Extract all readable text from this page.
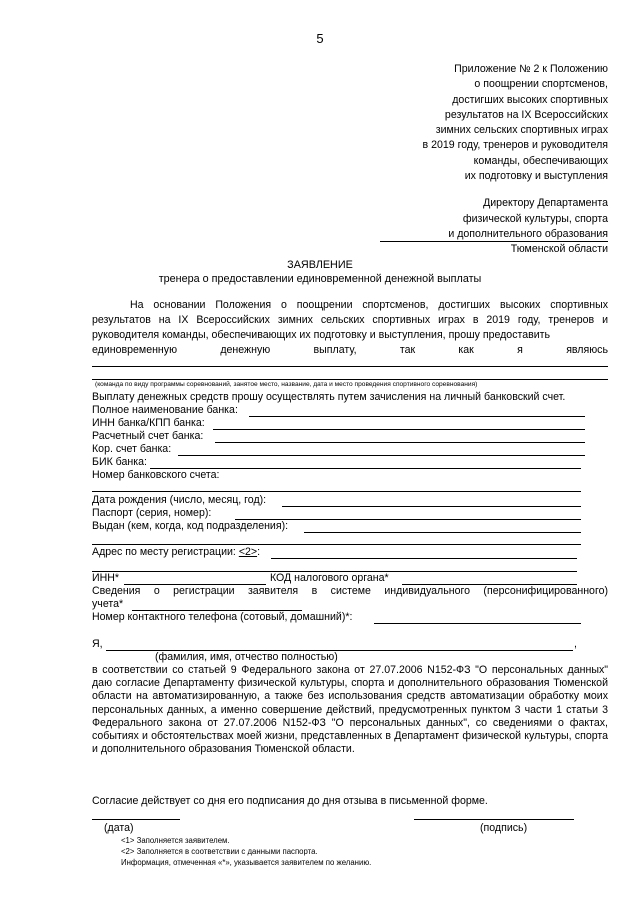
5
Приложение № 2 к Положению
о поощрении спортсменов,
достигших высоких спортивных
результатов на IX Всероссийских
зимних сельских спортивных играх
в 2019 году, тренеров и руководителя
команды, обеспечивающих
их подготовку и выступления
Директору Департамента
физической культуры, спорта
и дополнительного образования
Тюменской области
ЗАЯВЛЕНИЕ
тренера о предоставлении единовременной денежной выплаты
На основании Положения о поощрении спортсменов, достигших высоких спортивных результатов на IX Всероссийских зимних сельских спортивных играх в 2019 году, тренеров и руководителя команды, обеспечивающих их подготовку и выступления, прошу предоставить
единовременную денежную выплату, так как я являюсь
(команда по виду программы соревнований, занятое место, название, дата и место проведения спортивного соревнования)
Выплату денежных средств прошу осуществлять путем зачисления на личный банковский счет.
Полное наименование банка:
ИНН банка/КПП банка:
Расчетный счет банка:
Кор. счет банка:
БИК банка:
Номер банковского счета:
Дата рождения (число, месяц, год):
Паспорт (серия, номер):
Выдан (кем, когда, код подразделения):
Адрес по месту регистрации: <2>:
ИНН*	КОД налогового органа*
Сведения о регистрации заявителя в системе индивидуального (персонифицированного)
учета*
Номер контактного телефона (сотовый, домашний)*:
Я,	,
(фамилия, имя, отчество полностью)
в соответствии со статьей 9 Федерального закона от 27.07.2006 N152-ФЗ "О персональных данных" даю согласие Департаменту физической культуры, спорта и дополнительного образования Тюменской области на автоматизированную, а также без использования средств автоматизации обработку моих персональных данных, а именно совершение действий, предусмотренных пунктом 3 части 1 статьи 3 Федерального закона от 27.07.2006 N152-ФЗ "О персональных данных", со сведениями о фактах, событиях и обстоятельствах моей жизни, представленных в Департамент физической культуры, спорта и дополнительного образования Тюменской области.
Согласие действует со дня его подписания до дня отзыва в письменной форме.
(дата)	(подпись)
<1> Заполняется заявителем.
<2> Заполняется в соответствии с данными паспорта.
Информация, отмеченная «*», указывается заявителем по желанию.
